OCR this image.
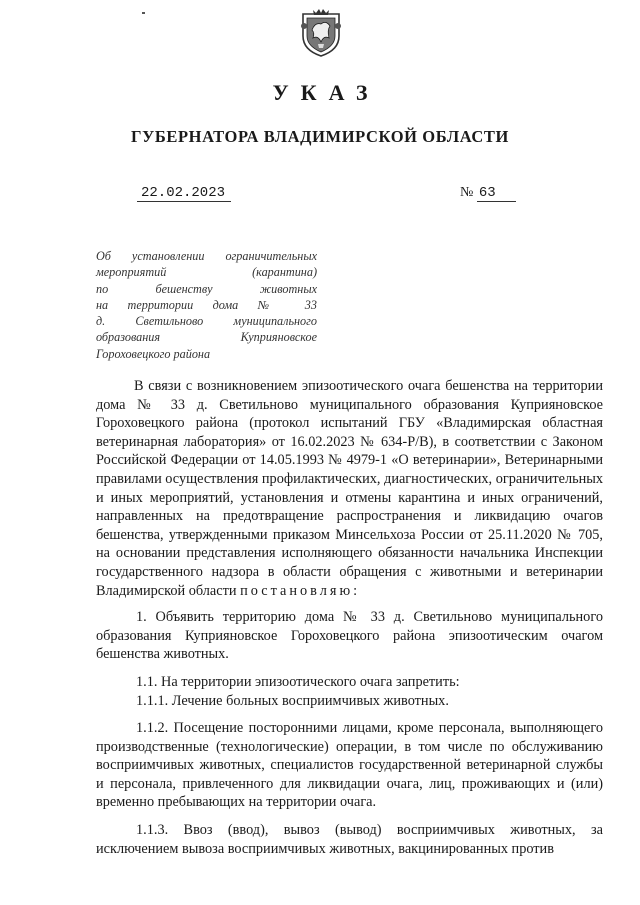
УКАЗ
ГУБЕРНАТОРА ВЛАДИМИРСКОЙ ОБЛАСТИ
22.02.2023	№ 63
Об установлении ограничительных
мероприятий (карантина)
по бешенству животных
на территории дома № 33
д. Светильново муниципального
образования Куприяновское

Гороховецкого района

В связи с возникновением эпизоотического очага бешенства на территории дома № 33 д. Светильново муниципального образования Куприяновское Гороховецкого района (протокол испытаний ГБУ «Владимирская областная ветеринарная лаборатория» от 16.02.2023 № 634-Р/В), в соответствии с Законом Российской Федерации от 14.05.1993 № 4979-1 «О ветеринарии», Ветеринарными правилами осуществления профилактических, диагностических, ограничительных и иных мероприятий, установления и отмены карантина и иных ограничений, направленных на предотвращение распространения и ликвидацию очагов бешенства, утвержденными приказом Минсельхоза России от 25.11.2020 № 705, на основании представления исполняющего обязанности начальника Инспекции государственного надзора в области обращения с животными и ветеринарии Владимирской области постановляю:

1. Объявить территорию дома № 33 д. Светильново муниципального образования Куприяновское Гороховецкого района эпизоотическим очагом бешенства животных.

1.1. На территории эпизоотического очага запретить:

1.1.1. Лечение больных восприимчивых животных.

1.1.2. Посещение посторонними лицами, кроме персонала, выполняющего производственные (технологические) операции, в том числе по обслуживанию восприимчивых животных, специалистов государственной ветеринарной службы и персонала, привлеченного для ликвидации очага, лиц, проживающих и (или) временно пребывающих на территории очага.

1.1.3. Ввоз (ввод), вывоз (вывод) восприимчивых животных, за исключением вывоза восприимчивых животных, вакцинированных против
